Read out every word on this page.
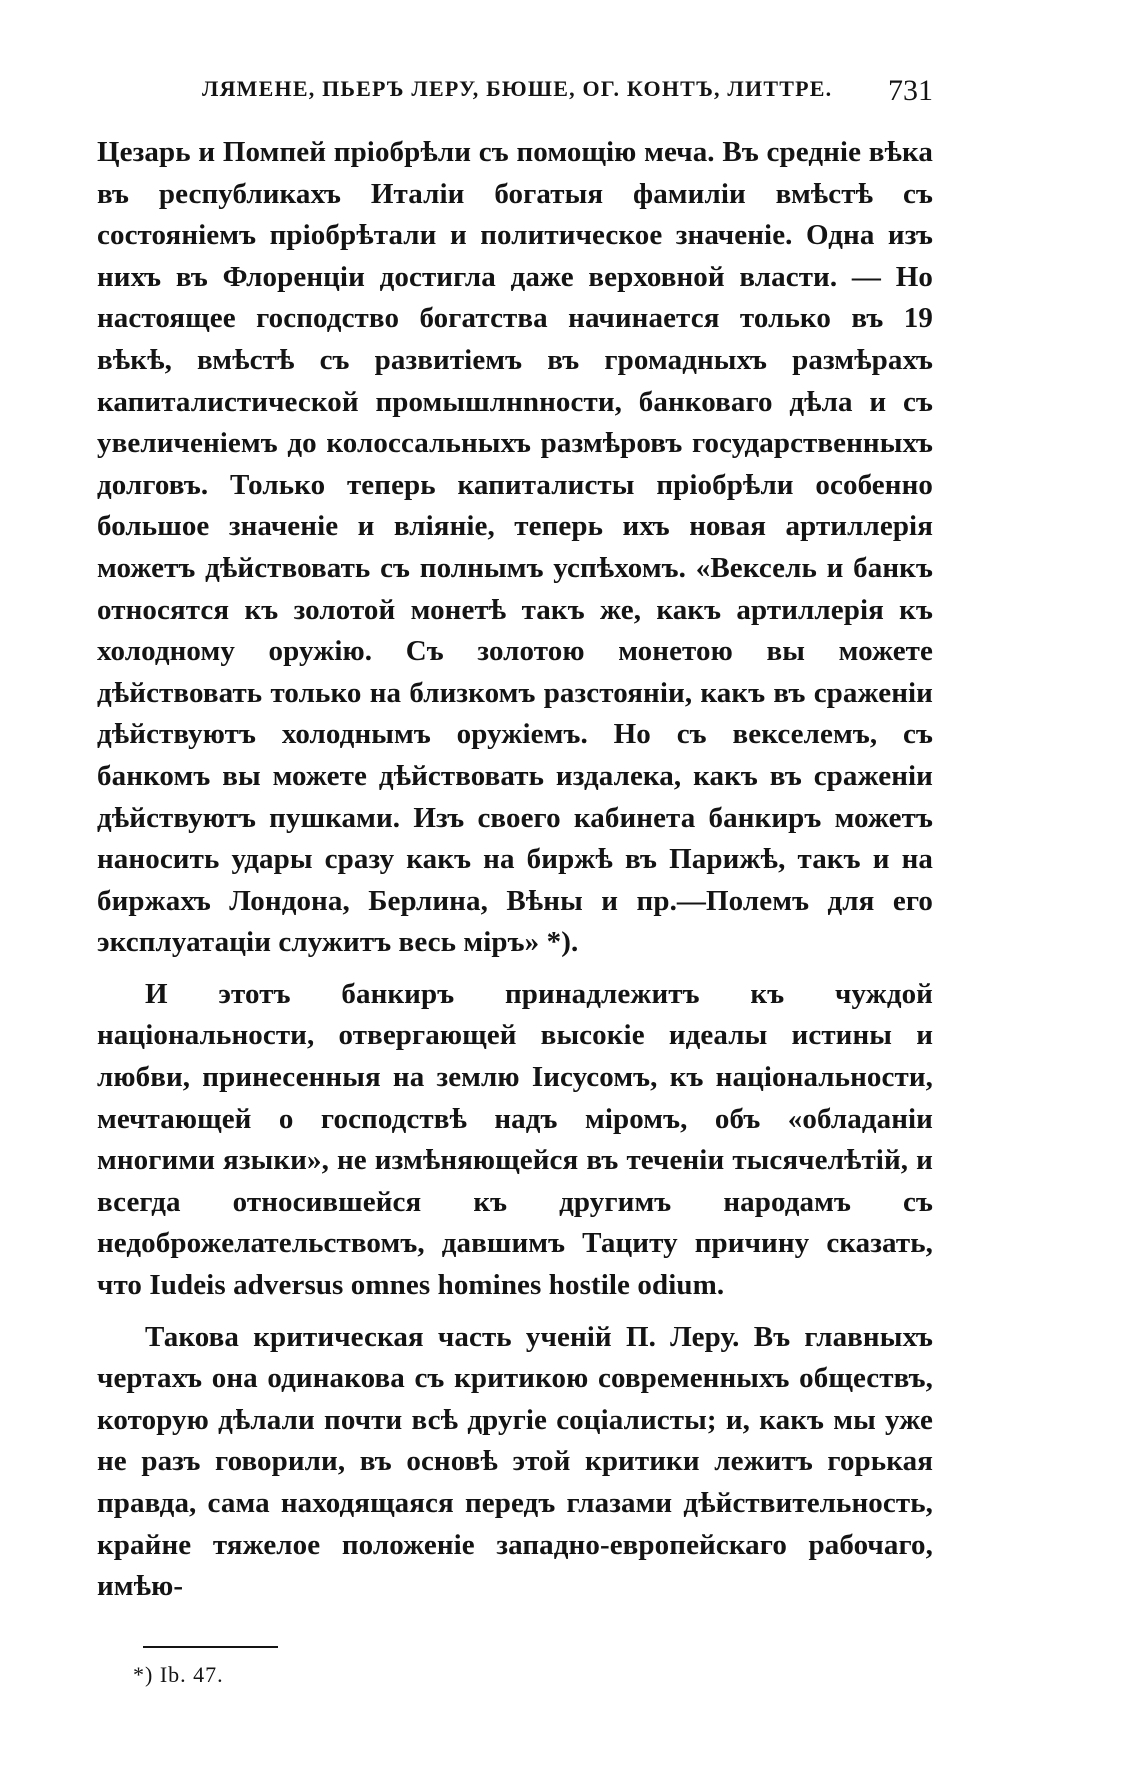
ЛЯМЕНЕ, ПЬЕРЪ ЛЕРУ, БЮШЕ, ОГ. КОНТЪ, ЛИТТРЕ. 731

Цезарь и Помпей пріобрѣли съ помощію меча. Въ средніе вѣка въ республикахъ Италіи богатыя фамиліи вмѣстѣ съ состояніемъ пріобрѣтали и политическое значеніе. Одна изъ нихъ въ Флоренціи достигла даже верховной власти. — Но настоящее господство богатства начинается только въ 19 вѣкѣ, вмѣстѣ съ развитіемъ въ громадныхъ размѣрахъ капиталистической промышлнnности, банковаго дѣла и съ увеличеніемъ до колоссальныхъ размѣровъ государственныхъ долговъ. Только теперь капиталисты пріобрѣли особенно большое значеніе и вліяніе, теперь ихъ новая артиллерія можетъ дѣйствовать съ полнымъ успѣхомъ. «Вексель и банкъ относятся къ золотой монетѣ такъ же, какъ артиллерія къ холодному оружію. Съ золотою монетою вы можете дѣйствовать только на близкомъ разстояніи, какъ въ сраженіи дѣйствуютъ холоднымъ оружіемъ. Но съ векселемъ, съ банкомъ вы можете дѣйствовать издалека, какъ въ сраженіи дѣйствуютъ пушками. Изъ своего кабинета банкиръ можетъ наносить удары сразу какъ на биржѣ въ Парижѣ, такъ и на биржахъ Лондона, Берлина, Вѣны и пр.—Полемъ для его эксплуатаціи служитъ весь міръ» *).

И этотъ банкиръ принадлежитъ къ чуждой національности, отвергающей высокіе идеалы истины и любви, принесенныя на землю Іисусомъ, къ національности, мечтающей о господствѣ надъ міромъ, объ «обладаніи многими языки», не измѣняющейся въ теченіи тысячелѣтій, и всегда относившейся къ другимъ народамъ съ недоброжелательствомъ, давшимъ Тациту причину сказать, что Iudeis adversus omnes homines hostile odium.

Такова критическая часть ученій П. Леру. Въ главныхъ чертахъ она одинакова съ критикою современныхъ обществъ, которую дѣлали почти всѣ другіе соціалисты; и, какъ мы уже не разъ говорили, въ основѣ этой критики лежитъ горькая правда, сама находящаяся передъ глазами дѣйствительность, крайне тяжелое положеніе западно-европейскаго рабочаго, имѣю-

*) Ib. 47.
